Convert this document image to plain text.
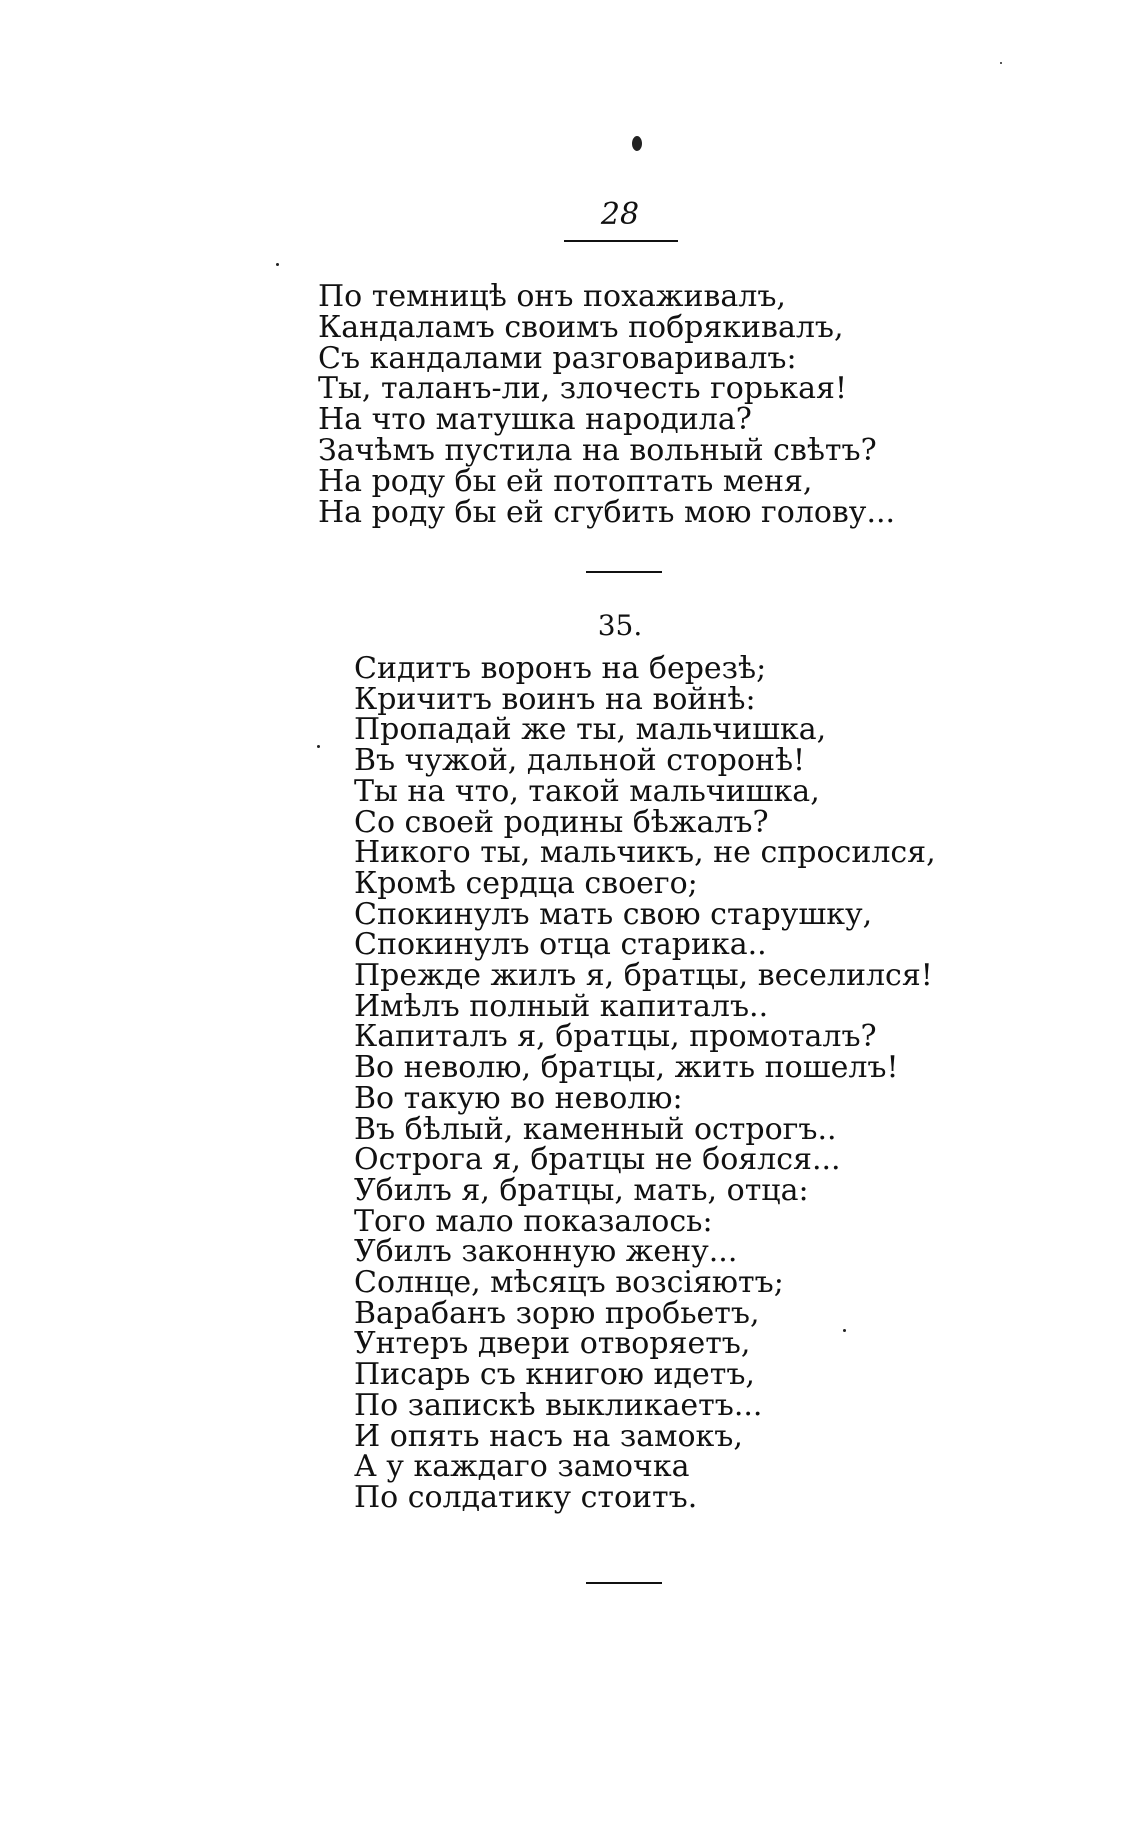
28
По темницѣ онъ похаживалъ,
Кандаламъ своимъ побрякивалъ,
Съ кандалами разговаривалъ:
Ты, таланъ-ли, злочесть горькая!
На что матушка народила?
Зачѣмъ пустила на вольный свѣтъ?
На роду бы ей потоптать меня,
На роду бы ей сгубить мою голову...
35.
Сидитъ воронъ на березѣ;
Кричитъ воинъ на войнѣ:
Пропадай же ты, мальчишка,
Въ чужой, дальной сторонѣ!
Ты на что, такой мальчишка,
Со своей родины бѣжалъ?
Никого ты, мальчикъ, не спросился,
Кромѣ сердца своего;
Спокинулъ мать свою старушку,
Спокинулъ отца старика..
Прежде жилъ я, братцы, веселился!
Имѣлъ полный капиталъ..
Капиталъ я, братцы, промоталъ?
Во неволю, братцы, жить пошелъ!
Во такую во неволю:
Въ бѣлый, каменный острогъ..
Острога я, братцы не боялся...
Убилъ я, братцы, мать, отца:
Того мало показалось:
Убилъ законную жену...
Солнце, мѣсяцъ возсіяютъ;
Варабанъ зорю пробьетъ,
Унтеръ двери отворяетъ,
Писарь съ книгою идетъ,
По запискѣ выкликаетъ...
И опять насъ на замокъ,
А у каждаго замочка
По солдатику стоитъ.
